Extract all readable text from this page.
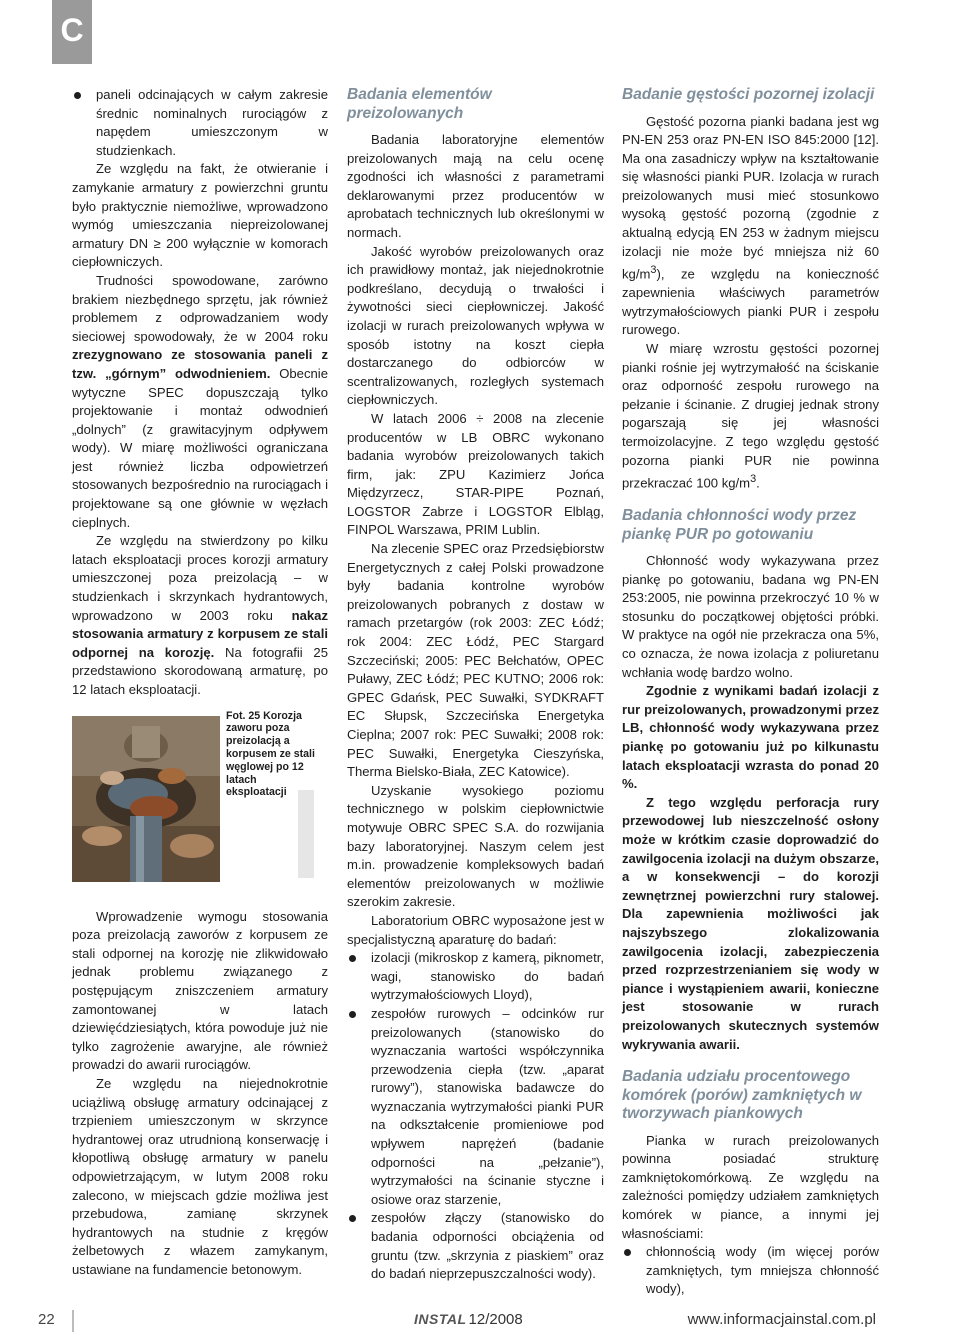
C
paneli odcinających w całym zakresie średnic nominalnych rurociągów z napędem umieszczonym w studzienkach.

Ze względu na fakt, że otwieranie i zamykanie armatury z powierzchni gruntu było praktycznie niemożliwe, wprowadzono wymóg umieszczania niepreizolowanej armatury DN ≥ 200 wyłącznie w komorach ciepłowniczych.

Trudności spowodowane, zarówno brakiem niezbędnego sprzętu, jak również problemem z odprowadzaniem wody sieciowej spowodowały, że w 2004 roku zrezygnowano ze stosowania paneli z tzw. „górnym” odwodnieniem. Obecnie wytyczne SPEC dopuszczają tylko projektowanie i montaż odwodnień „dolnych” (z grawitacyjnym odpływem wody). W miarę możliwości ograniczana jest również liczba odpowietrzeń stosowanych bezpośrednio na rurociągach i projektowane są one głównie w węzłach cieplnych.

Ze względu na stwierdzony po kilku latach eksploatacji proces korozji armatury umieszczonej poza preizolacją – w studzienkach i skrzynkach hydrantowych, wprowadzono w 2003 roku nakaz stosowania armatury z korpusem ze stali odpornej na korozję. Na fotografii 25 przedstawiono skorodowaną armaturę, po 12 latach eksploatacji.

Fot. 25 Korozja zaworu poza preizolacją a korpusem ze stali węglowej po 12 latach eksploatacji

Wprowadzenie wymogu stosowania poza preizolacją zaworów z korpusem ze stali odpornej na korozję nie zlikwidowało jednak problemu związanego z postępującym zniszczeniem armatury zamontowanej w latach dziewięćdziesiątych, która powoduje już nie tylko zagrożenie awaryjne, ale również prowadzi do awarii rurociągów.

Ze względu na niejednokrotnie uciążliwą obsługę armatury odcinającej z trzpieniem umieszczonym w skrzynce hydrantowej oraz utrudnioną konserwację i kłopotliwą obsługę armatury w panelu odpowietrzającym, w lutym 2008 roku zalecono, w miejscach gdzie możliwa jest przebudowa, zamianę skrzynek hydrantowych na studnie z kręgów żelbetowych z włazem zamykanym, ustawiane na fundamencie betonowym.

Badania elementów preizolowanych

Badania laboratoryjne elementów preizolowanych mają na celu ocenę zgodności ich własności z parametrami deklarowanymi przez producentów w aprobatach technicznych lub określonymi w normach.

Jakość wyrobów preizolowanych oraz ich prawidłowy montaż, jak niejednokrotnie podkreślano, decydują o trwałości i żywotności sieci ciepłowniczej. Jakość izolacji w rurach preizolowanych wpływa w sposób istotny na koszt ciepła dostarczanego do odbiorców w scentralizowanych, rozległych systemach ciepłowniczych.

W latach 2006 ÷ 2008 na zlecenie producentów w LB OBRC wykonano badania wyrobów preizolowanych takich firm, jak: ZPU Kazimierz Jońca Międzyrzecz, STAR-PIPE Poznań, LOGSTOR Zabrze i LOGSTOR Elbląg, FINPOL Warszawa, PRIM Lublin.

Na zlecenie SPEC oraz Przedsiębiorstw Energetycznych z całej Polski prowadzone były badania kontrolne wyrobów preizolowanych pobranych z dostaw w ramach przetargów (rok 2003: ZEC Łódź; rok 2004: ZEC Łódź, PEC Stargard Szczeciński; 2005: PEC Bełchatów, OPEC Puławy, ZEC Łódź; PEC KUTNO; 2006 rok: GPEC Gdańsk, PEC Suwałki, SYDKRAFT EC Słupsk, Szczecińska Energetyka Cieplna; 2007 rok: PEC Suwałki; 2008 rok: PEC Suwałki, Energetyka Cieszyńska, Therma Bielsko-Biała, ZEC Katowice).

Uzyskanie wysokiego poziomu technicznego w polskim ciepłownictwie motywuje OBRC SPEC S.A. do rozwijania bazy laboratoryjnej. Naszym celem jest m.in. prowadzenie kompleksowych badań elementów preizolowanych w możliwie szerokim zakresie.

Laboratorium OBRC wyposażone jest w specjalistyczną aparaturę do badań:

izolacji (mikroskop z kamerą, piknometr, wagi, stanowisko do badań wytrzymałościowych Lloyd),
zespołów rurowych – odcinków rur preizolowanych (stanowisko do wyznaczania wartości współczynnika przewodzenia ciepła (tzw. „aparat rurowy”), stanowiska badawcze do wyznaczania wytrzymałości pianki PUR na odkształcenie promieniowe pod wpływem naprężeń (badanie odporności na „pełzanie”), wytrzymałości na ścinanie styczne i osiowe oraz starzenie,
zespołów złączy (stanowisko do badania odporności obciążenia od gruntu (tzw. „skrzynia z piaskiem” oraz do badań nieprzepuszczalności wody).
Badanie gęstości pozornej izolacji

Gęstość pozorna pianki badana jest wg PN-EN 253 oraz PN-EN ISO 845:2000 [12]. Ma ona zasadniczy wpływ na kształtowanie się własności pianki PUR. Izolacja w rurach preizolowanych musi mieć stosunkowo wysoką gęstość pozorną (zgodnie z aktualną edycją EN 253 w żadnym miejscu izolacji nie może być mniejsza niż 60 $kg/m^3$), ze względu na konieczność zapewnienia właściwych parametrów wytrzymałościowych pianki PUR i zespołu rurowego.

W miarę wzrostu gęstości pozornej pianki rośnie jej wytrzymałość na ściskanie oraz odporność zespołu rurowego na pełzanie i ścinanie. Z drugiej jednak strony pogarszają się jej własności termoizolacyjne. Z tego względu gęstość pozorna pianki PUR nie powinna przekraczać 100 $kg/m^3$.

Badania chłonności wody przez piankę PUR po gotowaniu

Chłonność wody wykazywana przez piankę po gotowaniu, badana wg PN-EN 253:2005, nie powinna przekroczyć 10 % w stosunku do początkowej objętości próbki. W praktyce na ogół nie przekracza ona 5%, co oznacza, że nowa izolacja z poliuretanu wchłania wodę bardzo wolno.

Zgodnie z wynikami badań izolacji z rur preizolowanych, prowadzonymi przez LB, chłonność wody wykazywana przez piankę po gotowaniu już po kilkunastu latach eksploatacji wzrasta do ponad 20 %.

Z tego względu perforacja rury przewodowej lub nieszczelność osłony może w krótkim czasie doprowadzić do zawilgocenia izolacji na dużym obszarze, a w konsekwencji – do korozji zewnętrznej powierzchni rury stalowej. Dla zapewnienia możliwości jak najszybszego zlokalizowania zawilgocenia izolacji, zabezpieczenia przed rozprzestrzenianiem się wody w piance i wystąpieniem awarii, konieczne jest stosowanie w rurach preizolowanych skutecznych systemów wykrywania awarii.

Badania udziału procentowego komórek (porów) zamkniętych w tworzywach piankowych

Pianka w rurach preizolowanych powinna posiadać strukturę zamkniętokomórkową. Ze względu na zależności pomiędzy udziałem zamkniętych komórek w piance, a innymi jej własnościami:

chłonnością wody (im więcej porów zamkniętych, tym mniejsza chłonność wody),
22	INSTAL 12/2008	www.informacjainstal.com.pl
